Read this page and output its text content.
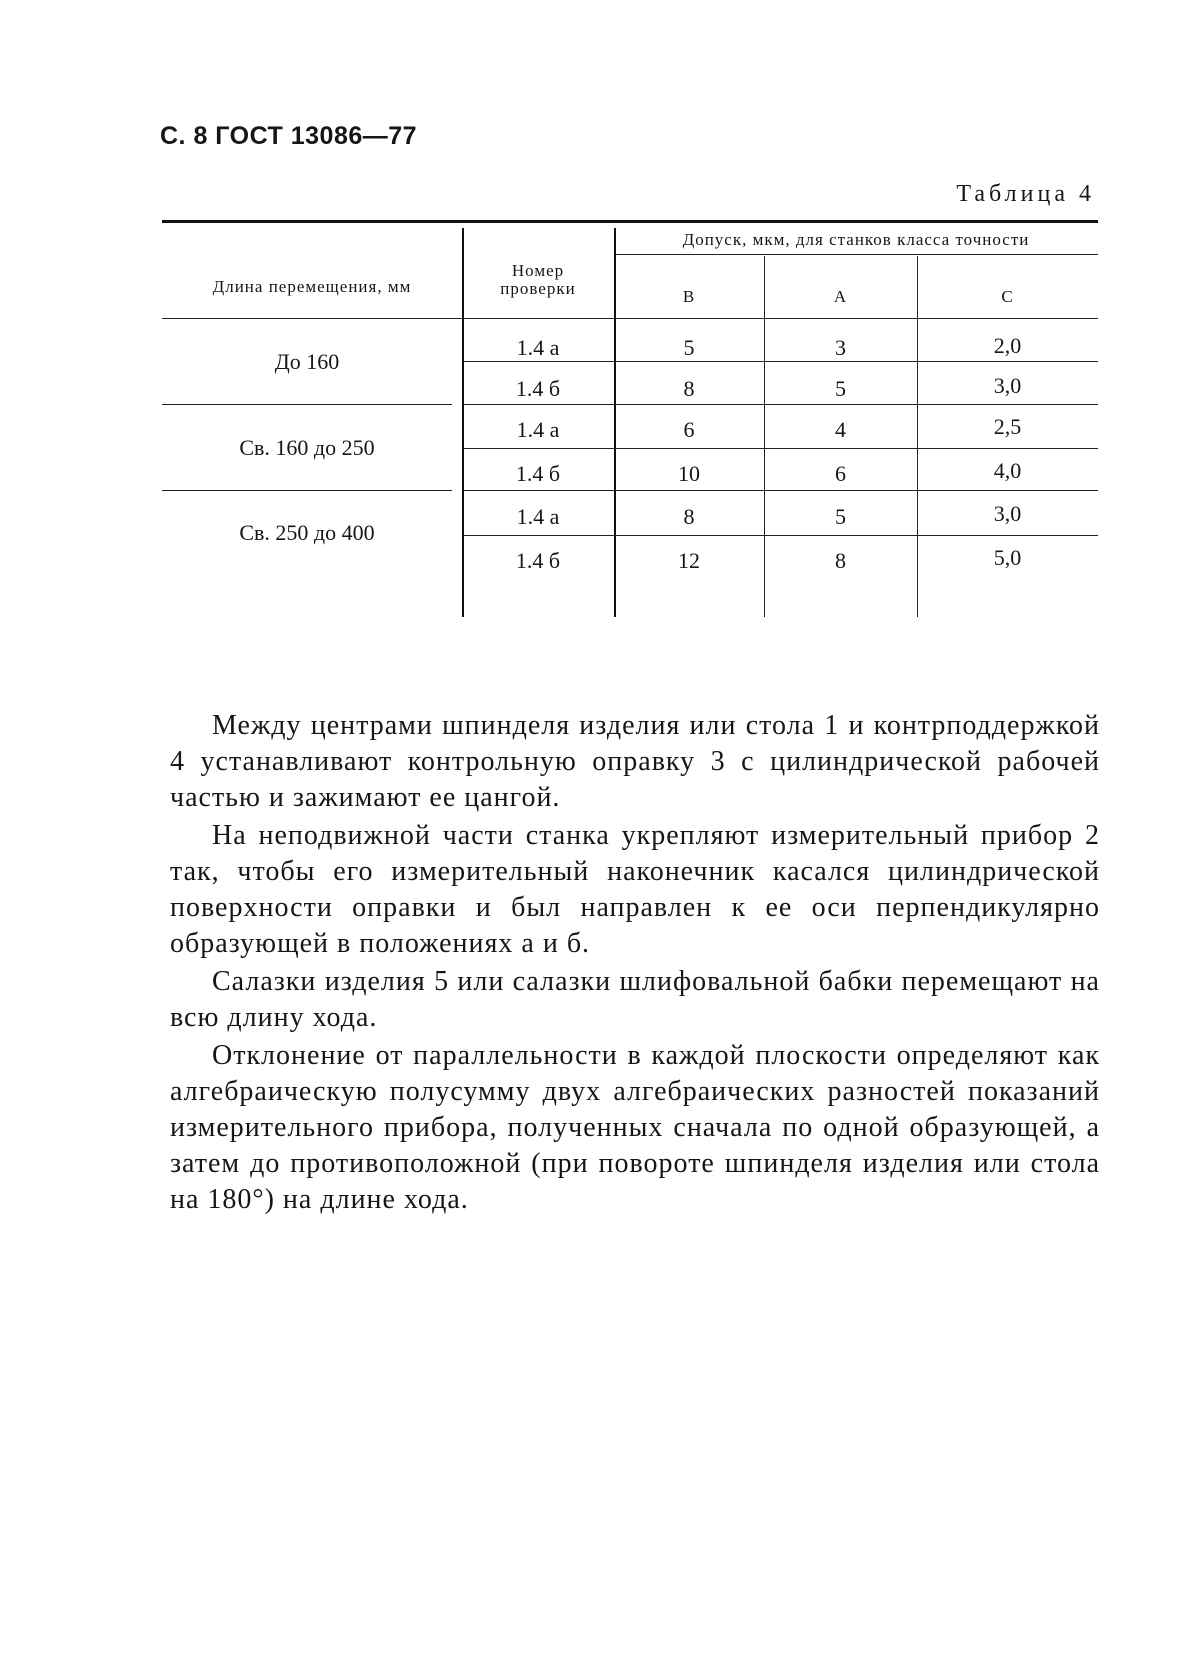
С. 8 ГОСТ 13086—77
Таблица 4
Длина перемещения, мм
Номер
проверки
Допуск, мкм, для станков класса точности
В	А	С
До 160
1.4 а	5	3	2,0
1.4 б	8	5	3,0
Св. 160 до 250
1.4 а	6	4	2,5
1.4 б	10	6	4,0
Св. 250 до 400
1.4 а	8	5	3,0
1.4 б	12	8	5,0

Между центрами шпинделя изделия или стола 1 и контрподдержкой 4 устанавливают контрольную оправку 3 с цилиндрической рабочей частью и зажимают ее цангой.

На неподвижной части станка укрепляют измерительный прибор 2 так, чтобы его измерительный наконечник касался цилиндрической поверхности оправки и был направлен к ее оси перпендикулярно образующей в положениях а и б.

Салазки изделия 5 или салазки шлифовальной бабки перемещают на всю длину хода.

Отклонение от параллельности в каждой плоскости определяют как алгебраическую полусумму двух алгебраических разностей показаний измерительного прибора, полученных сначала по одной образующей, а затем до противоположной (при повороте шпинделя изделия или стола на 180°) на длине хода.
